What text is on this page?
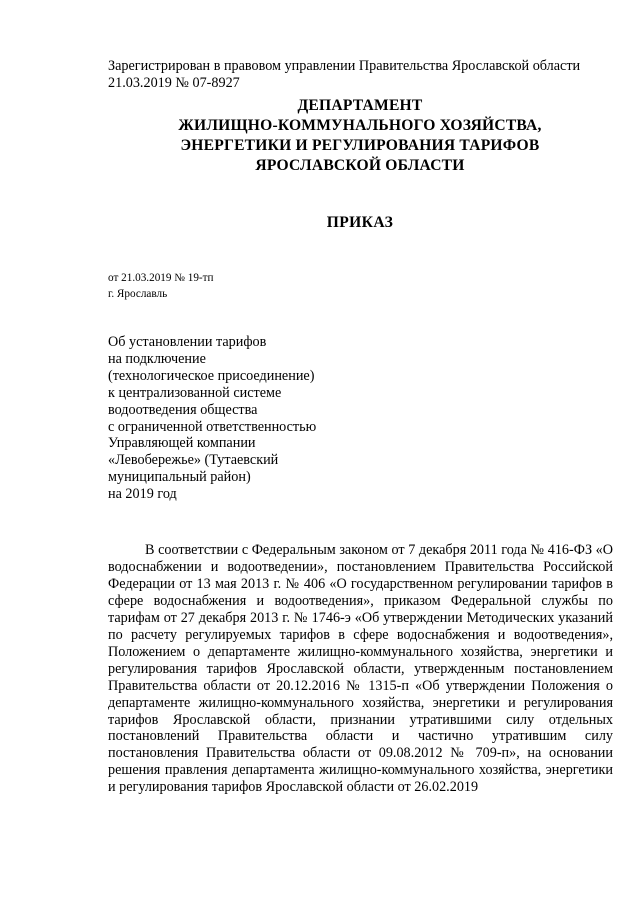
Зарегистрирован в правовом управлении Правительства Ярославской области
21.03.2019 № 07-8927
ДЕПАРТАМЕНТ
ЖИЛИЩНО-КОММУНАЛЬНОГО ХОЗЯЙСТВА,
ЭНЕРГЕТИКИ И РЕГУЛИРОВАНИЯ ТАРИФОВ
ЯРОСЛАВСКОЙ ОБЛАСТИ
ПРИКАЗ
от 21.03.2019 № 19-тп
г. Ярославль
Об установлении тарифов
на подключение
(технологическое присоединение)
к централизованной системе
водоотведения общества
с ограниченной ответственностью
Управляющей компании
«Левобережье» (Тутаевский
муниципальный район)
на 2019 год

В соответствии с Федеральным законом от 7 декабря 2011 года № 416-ФЗ «О водоснабжении и водоотведении», постановлением Правительства Российской Федерации от 13 мая 2013 г. № 406 «О государственном регулировании тарифов в сфере водоснабжения и водоотведения», приказом Федеральной службы по тарифам от 27 декабря 2013 г. № 1746-э «Об утверждении Методических указаний по расчету регулируемых тарифов в сфере водоснабжения и водоотведения», Положением о департаменте жилищно-коммунального хозяйства, энергетики и регулирования тарифов Ярославской области, утвержденным постановлением Правительства области от 20.12.2016 № 1315-п «Об утверждении Положения о департаменте жилищно-коммунального хозяйства, энергетики и регулирования тарифов Ярославской области, признании утратившими силу отдельных постановлений Правительства области и частично утратившим силу постановления Правительства области от 09.08.2012 № 709-п», на основании решения правления департамента жилищно-коммунального хозяйства, энергетики и регулирования тарифов Ярославской области от 26.02.2019
